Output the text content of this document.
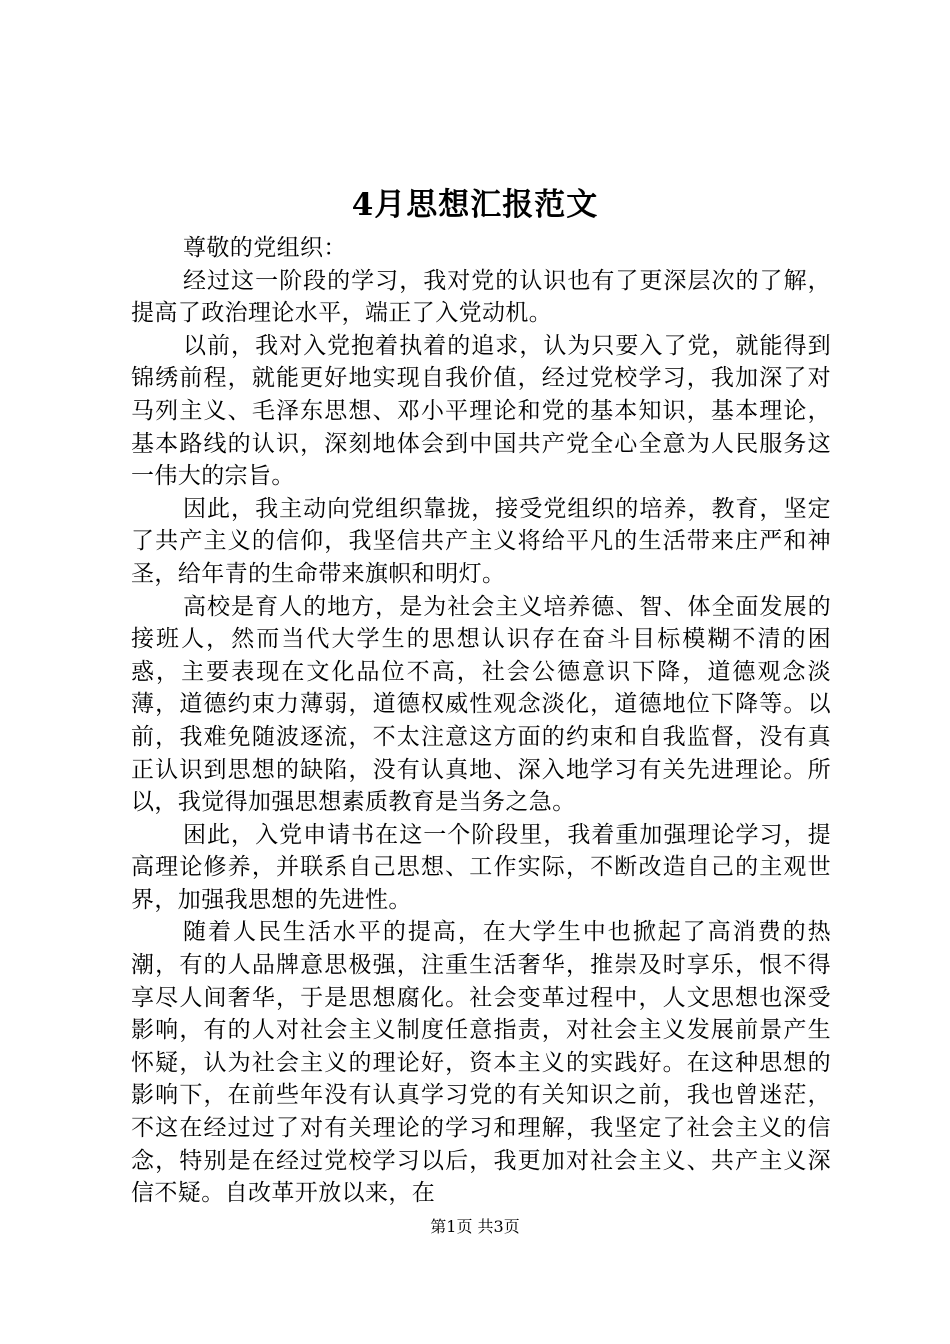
4月思想汇报范文

尊敬的党组织：

经过这一阶段的学习，我对党的认识也有了更深层次的了解，提高了政治理论水平，端正了入党动机。

以前，我对入党抱着执着的追求，认为只要入了党，就能得到锦绣前程，就能更好地实现自我价值，经过党校学习，我加深了对马列主义、毛泽东思想、邓小平理论和党的基本知识，基本理论，基本路线的认识，深刻地体会到中国共产党全心全意为人民服务这一伟大的宗旨。

因此，我主动向党组织靠拢，接受党组织的培养，教育，坚定了共产主义的信仰，我坚信共产主义将给平凡的生活带来庄严和神圣，给年青的生命带来旗帜和明灯。

高校是育人的地方，是为社会主义培养德、智、体全面发展的接班人，然而当代大学生的思想认识存在奋斗目标模糊不清的困惑，主要表现在文化品位不高，社会公德意识下降，道德观念淡薄，道德约束力薄弱，道德权威性观念淡化，道德地位下降等。以前，我难免随波逐流，不太注意这方面的约束和自我监督，没有真正认识到思想的缺陷，没有认真地、深入地学习有关先进理论。所以，我觉得加强思想素质教育是当务之急。

困此，入党申请书在这一个阶段里，我着重加强理论学习，提高理论修养，并联系自己思想、工作实际，不断改造自己的主观世界，加强我思想的先进性。

随着人民生活水平的提高，在大学生中也掀起了高消费的热潮，有的人品牌意思极强，注重生活奢华，推崇及时享乐，恨不得享尽人间奢华，于是思想腐化。社会变革过程中，人文思想也深受影响，有的人对社会主义制度任意指责，对社会主义发展前景产生怀疑，认为社会主义的理论好，资本主义的实践好。在这种思想的影响下，在前些年没有认真学习党的有关知识之前，我也曾迷茫，不这在经过过了对有关理论的学习和理解，我坚定了社会主义的信念，特别是在经过党校学习以后，我更加对社会主义、共产主义深信不疑。自改革开放以来，在

第1页 共3页
